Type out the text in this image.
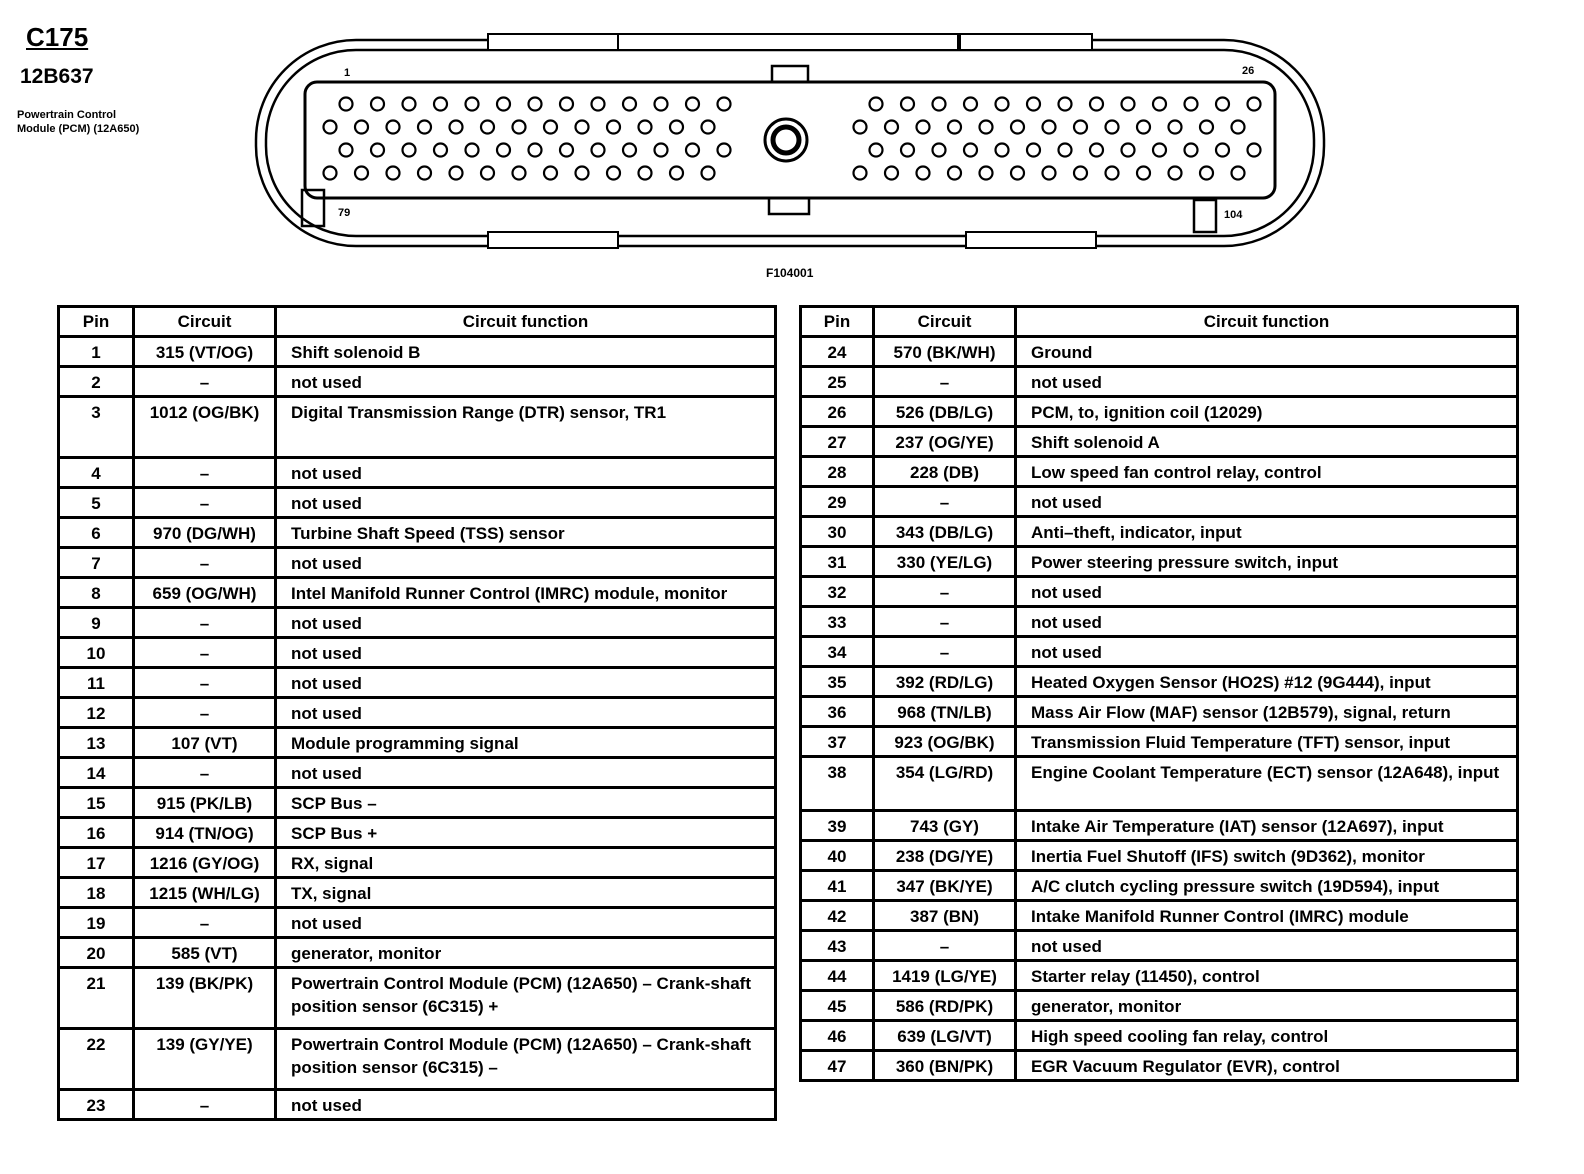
C175
12B637
Powertrain Control Module (PCM) (12A650)
1	26
79	104
F104001
Pin	Circuit	Circuit function
1	315 (VT/OG)	Shift solenoid B
2	–	not used
3	1012 (OG/BK)	Digital Transmission Range (DTR) sensor, TR1
4	–	not used
5	–	not used
6	970 (DG/WH)	Turbine Shaft Speed (TSS) sensor
7	–	not used
8	659 (OG/WH)	Intel Manifold Runner Control (IMRC) module, monitor
9	–	not used
10	–	not used
11	–	not used
12	–	not used
13	107 (VT)	Module programming signal
14	–	not used
15	915 (PK/LB)	SCP Bus –
16	914 (TN/OG)	SCP Bus +
17	1216 (GY/OG)	RX, signal
18	1215 (WH/LG)	TX, signal
19	–	not used
20	585 (VT)	generator, monitor
21	139 (BK/PK)	Powertrain Control Module (PCM) (12A650) – Crank-shaft position sensor (6C315) +
22	139 (GY/YE)	Powertrain Control Module (PCM) (12A650) – Crank-shaft position sensor (6C315) –
23	–	not used
Pin	Circuit	Circuit function
24	570 (BK/WH)	Ground
25	–	not used
26	526 (DB/LG)	PCM, to, ignition coil (12029)
27	237 (OG/YE)	Shift solenoid A
28	228 (DB)	Low speed fan control relay, control
29	–	not used
30	343 (DB/LG)	Anti–theft, indicator, input
31	330 (YE/LG)	Power steering pressure switch, input
32	–	not used
33	–	not used
34	–	not used
35	392 (RD/LG)	Heated Oxygen Sensor (HO2S) #12 (9G444), input
36	968 (TN/LB)	Mass Air Flow (MAF) sensor (12B579), signal, return
37	923 (OG/BK)	Transmission Fluid Temperature (TFT) sensor, input
38	354 (LG/RD)	Engine Coolant Temperature (ECT) sensor (12A648), input
39	743 (GY)	Intake Air Temperature (IAT) sensor (12A697), input
40	238 (DG/YE)	Inertia Fuel Shutoff (IFS) switch (9D362), monitor
41	347 (BK/YE)	A/C clutch cycling pressure switch (19D594), input
42	387 (BN)	Intake Manifold Runner Control (IMRC) module
43	–	not used
44	1419 (LG/YE)	Starter relay (11450), control
45	586 (RD/PK)	generator, monitor
46	639 (LG/VT)	High speed cooling fan relay, control
47	360 (BN/PK)	EGR Vacuum Regulator (EVR), control
